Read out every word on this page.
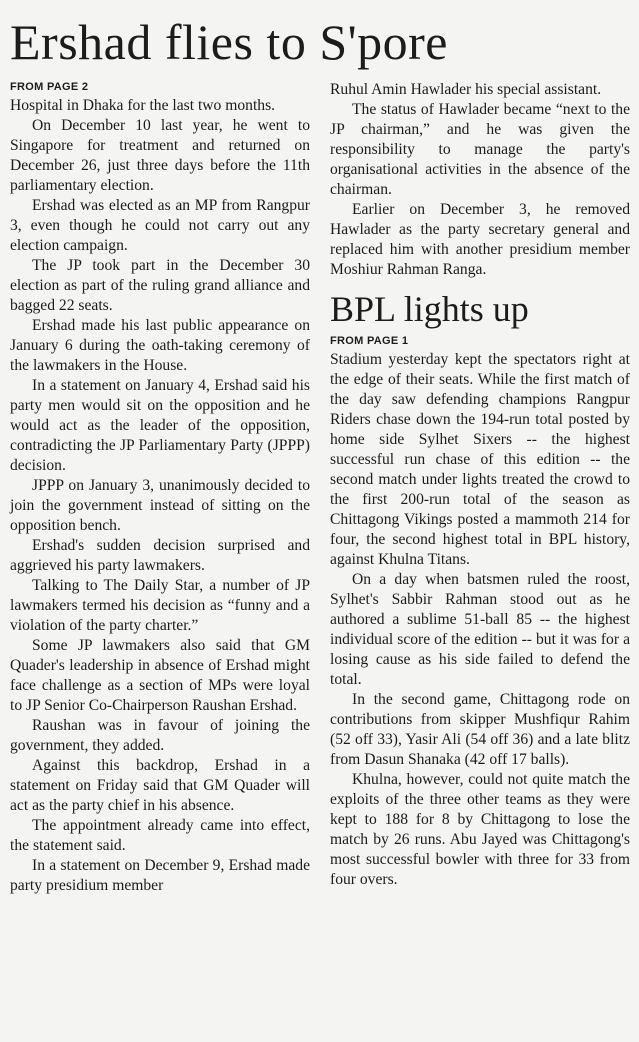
Ershad flies to S'pore
FROM PAGE 2

Hospital in Dhaka for the last two months.

On December 10 last year, he went to Singapore for treatment and returned on December 26, just three days before the 11th parliamentary election.

Ershad was elected as an MP from Rangpur 3, even though he could not carry out any election campaign.

The JP took part in the December 30 election as part of the ruling grand alliance and bagged 22 seats.

Ershad made his last public appearance on January 6 during the oath-taking ceremony of the lawmakers in the House.

In a statement on January 4, Ershad said his party men would sit on the opposition and he would act as the leader of the opposition, contradicting the JP Parliamentary Party (JPPP) decision.

JPPP on January 3, unanimously decided to join the government instead of sitting on the opposition bench.

Ershad's sudden decision surprised and aggrieved his party lawmakers.

Talking to The Daily Star, a number of JP lawmakers termed his decision as “funny and a violation of the party charter.”

Some JP lawmakers also said that GM Quader's leadership in absence of Ershad might face challenge as a section of MPs were loyal to JP Senior Co-Chairperson Raushan Ershad.

Raushan was in favour of joining the government, they added.

Against this backdrop, Ershad in a statement on Friday said that GM Quader will act as the party chief in his absence.

The appointment already came into effect, the statement said.

In a statement on December 9, Ershad made party presidium member

Ruhul Amin Hawlader his special assistant.

The status of Hawlader became “next to the JP chairman,” and he was given the responsibility to manage the party's organisational activities in the absence of the chairman.

Earlier on December 3, he removed Hawlader as the party secretary general and replaced him with another presidium member Moshiur Rahman Ranga.

BPL lights up
FROM PAGE 1

Stadium yesterday kept the spectators right at the edge of their seats. While the first match of the day saw defending champions Rangpur Riders chase down the 194-run total posted by home side Sylhet Sixers -- the highest successful run chase of this edition -- the second match under lights treated the crowd to the first 200-run total of the season as Chittagong Vikings posted a mammoth 214 for four, the second highest total in BPL history, against Khulna Titans.

On a day when batsmen ruled the roost, Sylhet's Sabbir Rahman stood out as he authored a sublime 51-ball 85 -- the highest individual score of the edition -- but it was for a losing cause as his side failed to defend the total.

In the second game, Chittagong rode on contributions from skipper Mushfiqur Rahim (52 off 33), Yasir Ali (54 off 36) and a late blitz from Dasun Shanaka (42 off 17 balls).

Khulna, however, could not quite match the exploits of the three other teams as they were kept to 188 for 8 by Chittagong to lose the match by 26 runs. Abu Jayed was Chittagong's most successful bowler with three for 33 from four overs.
